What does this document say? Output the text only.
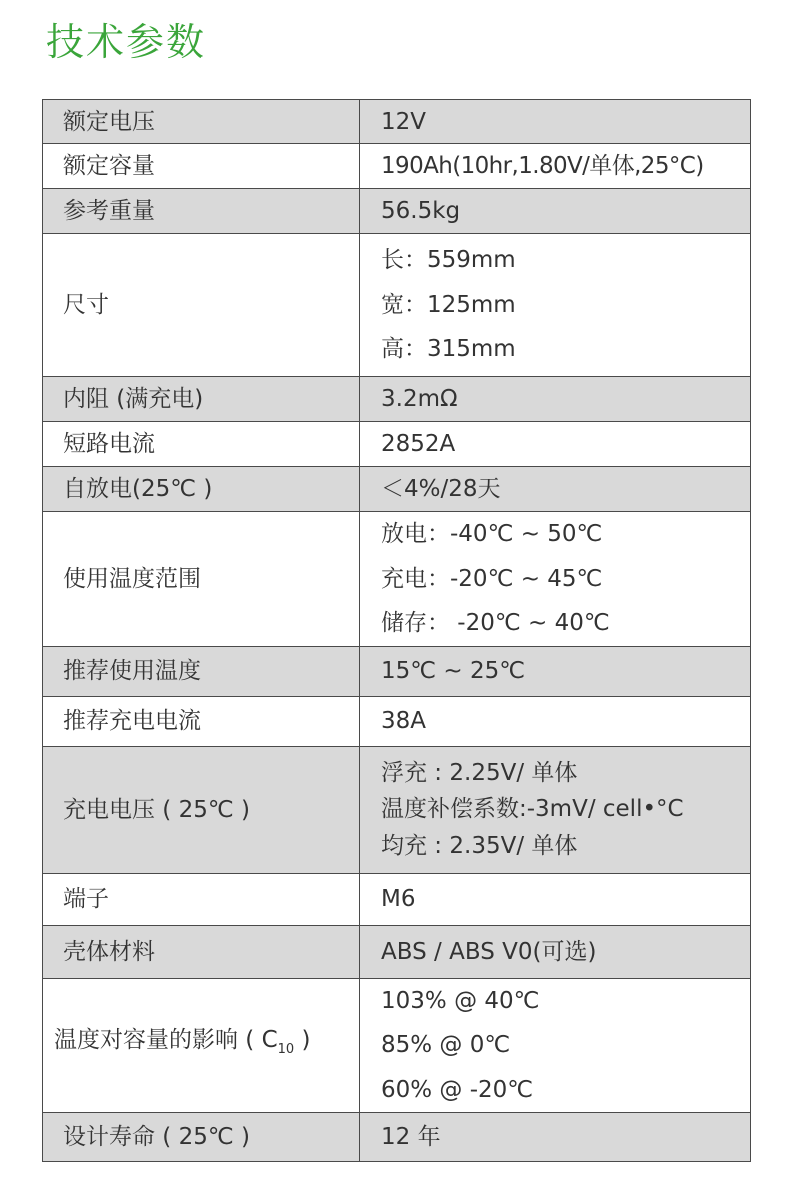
技术参数
额定电压	12V

额定容量	190Ah(10hr,1.80V/单体,25°C)

参考重量	56.5kg

尺寸	长：559mm
宽：125mm
高：315mm

内阻 (满充电)	3.2mΩ

短路电流	2852A

自放电(25℃ )	＜4%/28天

使用温度范围	放电：-40℃ ~ 50℃
充电：-20℃ ~ 45℃
储存： -20℃ ~ 40℃

推荐使用温度	15℃ ~ 25℃

推荐充电电流	38A

充电电压 ( 25℃ )	浮充 : 2.25V/ 单体
温度补偿系数:-3mV/ cell•°C
均充 : 2.35V/ 单体

端子	M6

壳体材料	ABS / ABS V0(可选)

温度对容量的影响 ( $C_{10}$ )	103% @ 40℃
85% @ 0℃
60% @ -20℃

设计寿命 ( 25℃ )	12 年
